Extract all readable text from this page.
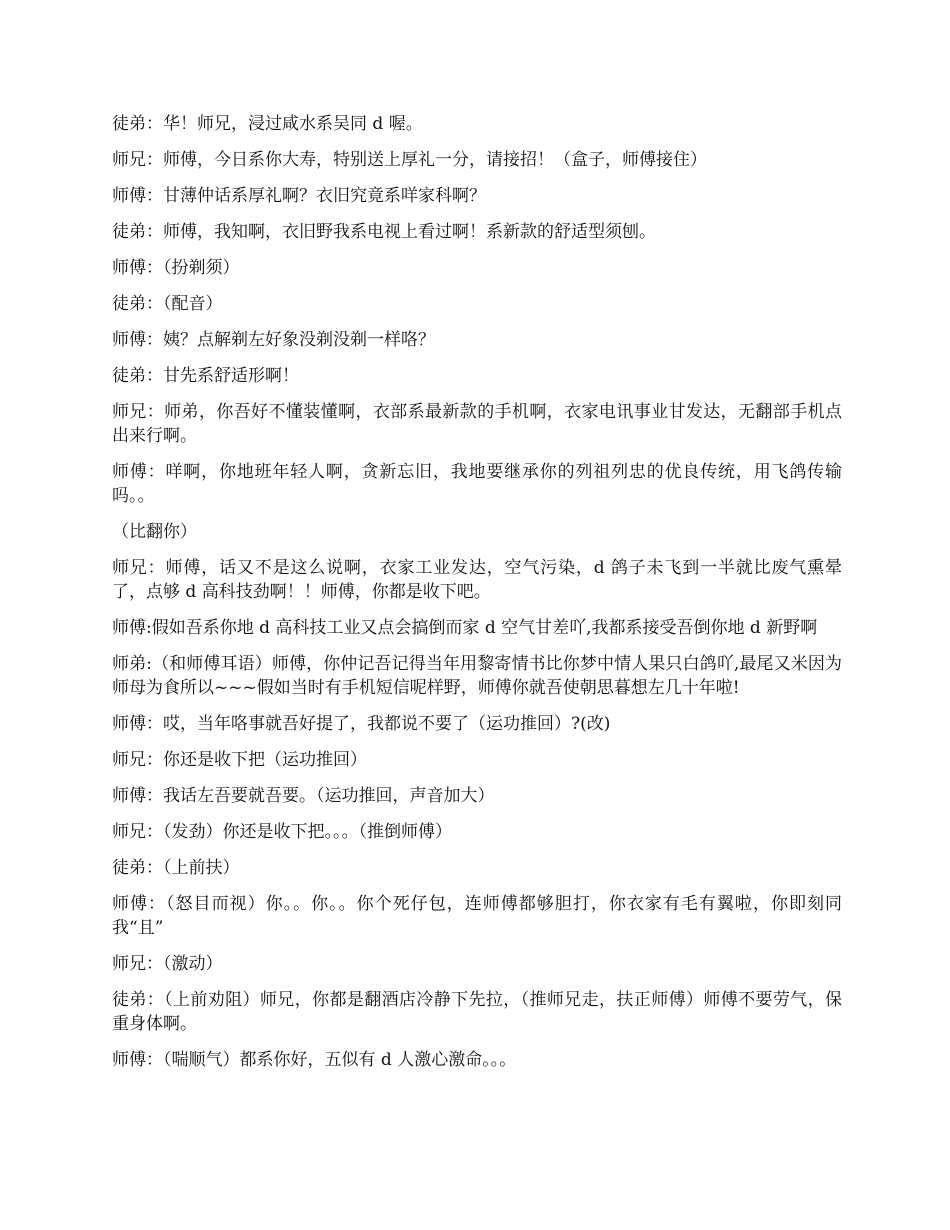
徒弟：华！师兄，浸过咸水系吴同 d 喔。

师兄：师傅，今日系你大寿，特别送上厚礼一分，请接招！（盒子，师傅接住）

师傅：甘薄仲话系厚礼啊？衣旧究竟系咩家科啊？

徒弟：师傅，我知啊，衣旧野我系电视上看过啊！系新款的舒适型须刨。

师傅：（扮剃须）

徒弟：（配音）

师傅：姨？点解剃左好象没剃没剃一样咯？

徒弟：甘先系舒适形啊！

师兄：师弟，你吾好不懂装懂啊，衣部系最新款的手机啊，衣家电讯事业甘发达，无翻部手机点出来行啊。

师傅：咩啊，你地班年轻人啊，贪新忘旧，我地要继承你的列祖列忠的优良传统，用飞鸽传输吗。。

（比翻你）

师兄：师傅，话又不是这么说啊，衣家工业发达，空气污染，d 鸽子未飞到一半就比废气熏晕了，点够 d 高科技劲啊！！师傅，你都是收下吧。

师傅:假如吾系你地 d 高科技工业又点会搞倒而家 d 空气甘差吖,我都系接受吾倒你地 d 新野啊

师弟:（和师傅耳语）师傅，你仲记吾记得当年用黎寄情书比你梦中情人果只白鸽吖,最尾又米因为师母为食所以~~~假如当时有手机短信呢样野，师傅你就吾使朝思暮想左几十年啦!

师傅：哎，当年咯事就吾好提了，我都说不要了（运功推回）?(改)

师兄：你还是收下把（运功推回）

师傅：我话左吾要就吾要。（运功推回，声音加大）

师兄：（发劲）你还是收下把。。。（推倒师傅）

徒弟：（上前扶）

师傅：（怒目而视）你。。你。。你个死仔包，连师傅都够胆打，你衣家有毛有翼啦，你即刻同我“且”

师兄：（激动）

徒弟：（上前劝阻）师兄，你都是翻酒店冷静下先拉，（推师兄走，扶正师傅）师傅不要劳气，保重身体啊。

师傅：（喘顺气）都系你好，五似有 d 人激心激命。。。
